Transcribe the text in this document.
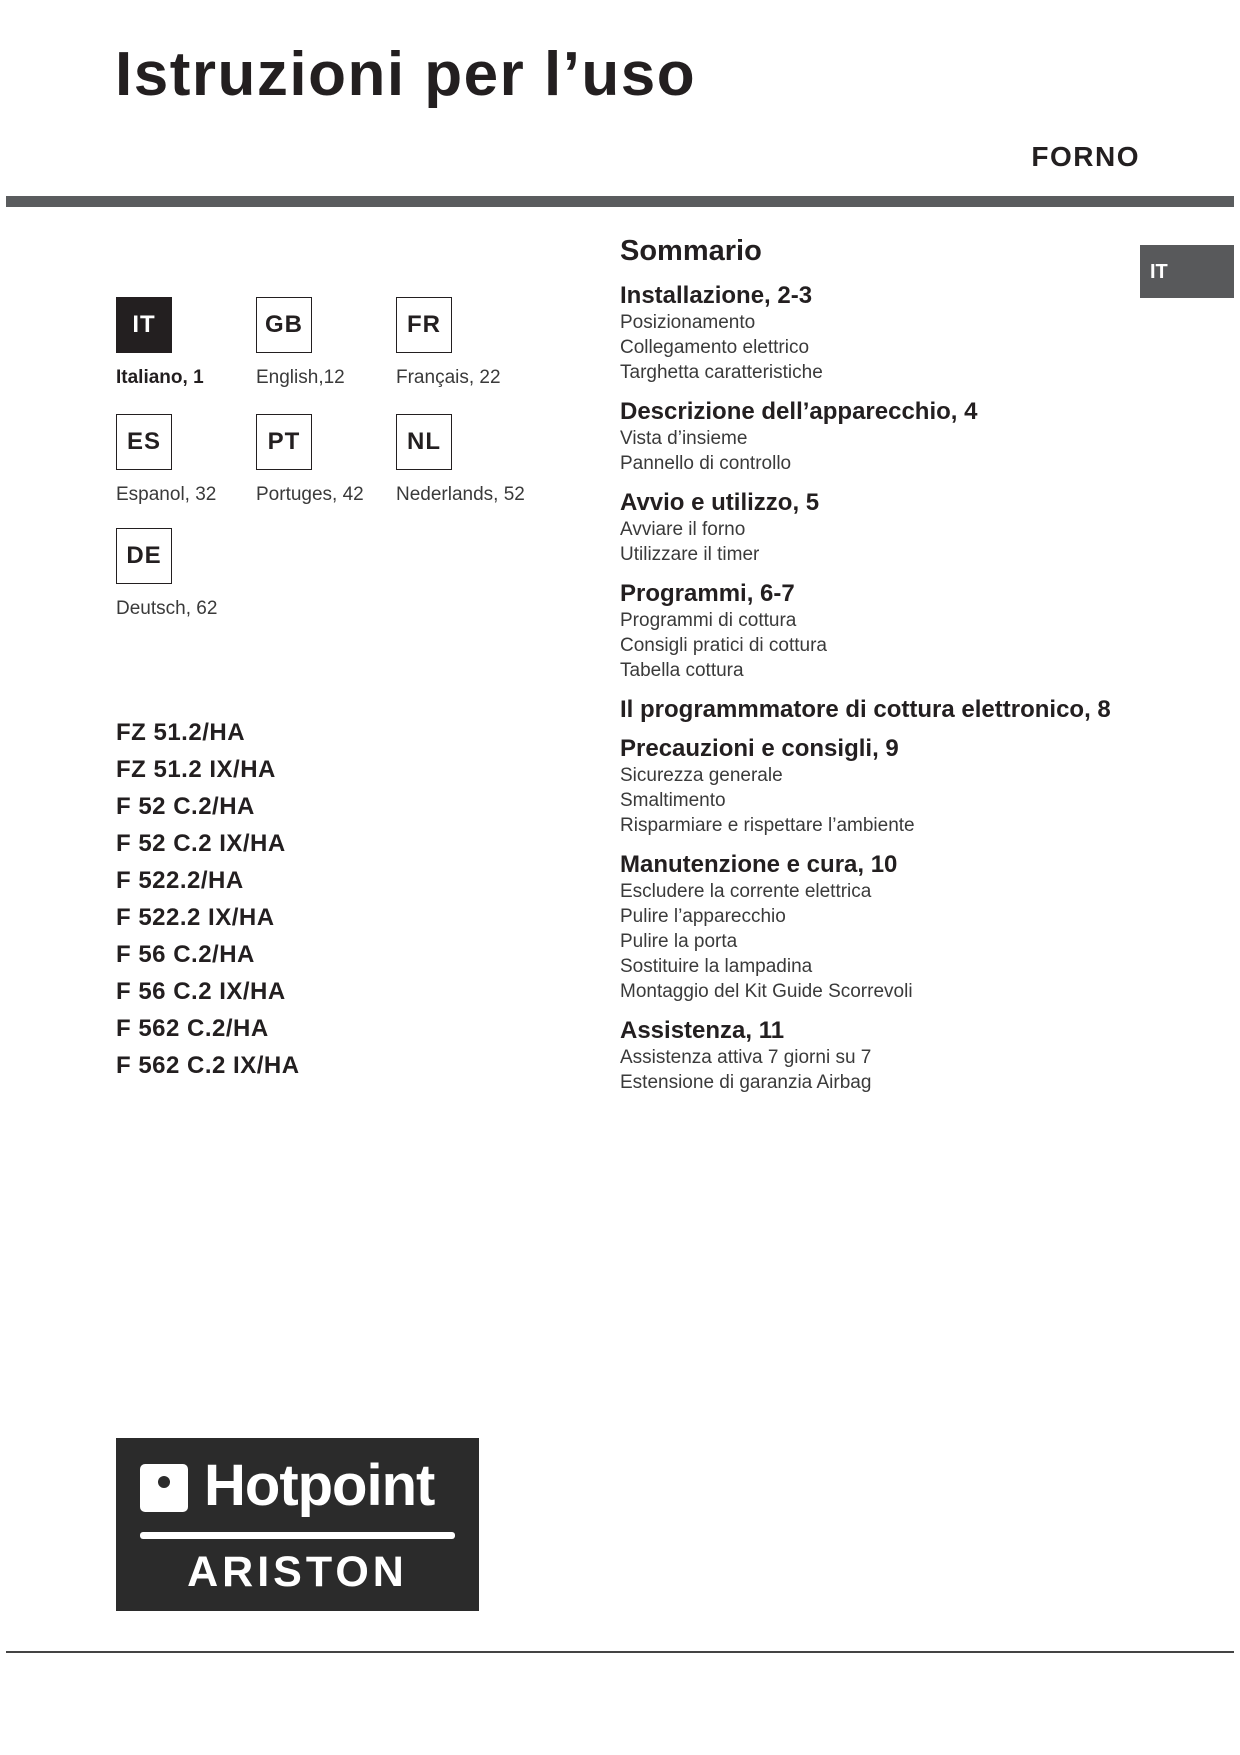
Istruzioni per l’uso
FORNO
IT
IT
Italiano, 1
GB
English,12
FR
Français, 22
ES
Espanol, 32
PT
Portuges, 42
NL
Nederlands, 52
DE
Deutsch, 62
FZ 51.2/HA
FZ 51.2 IX/HA
F 52 C.2/HA
F 52 C.2 IX/HA
F 522.2/HA
F 522.2 IX/HA
F 56 C.2/HA
F 56 C.2 IX/HA
F 562 C.2/HA
F 562 C.2 IX/HA
Sommario
Installazione, 2-3
Posizionamento
Collegamento elettrico
Targhetta caratteristiche
Descrizione dell’apparecchio, 4
Vista d’insieme
Pannello di controllo
Avvio e utilizzo, 5
Avviare il forno
Utilizzare il timer
Programmi, 6-7
Programmi di cottura
Consigli pratici di cottura
Tabella cottura
Il programmmatore di cottura elettronico, 8
Precauzioni e consigli, 9
Sicurezza generale
Smaltimento
Risparmiare e rispettare l’ambiente
Manutenzione e cura, 10
Escludere la corrente elettrica
Pulire l’apparecchio
Pulire la porta
Sostituire la lampadina
Montaggio del Kit Guide Scorrevoli
Assistenza, 11
Assistenza attiva 7 giorni su 7
Estensione di garanzia Airbag
Hotpoint
ARISTON
